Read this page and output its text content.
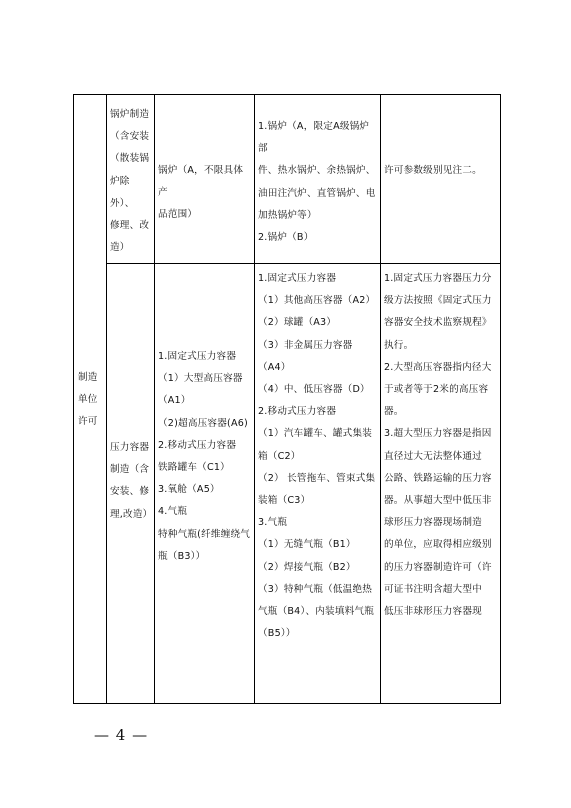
锅炉制造
（含安装
（散装锅
炉除外）、
修理、改
造）
锅炉（A，不限具体产
品范围）
1.锅炉（A，限定A级锅炉部
件、热水锅炉、余热锅炉、
油田注汽炉、直管锅炉、电
加热锅炉等）
2.锅炉（B）
许可参数级别见注二。
制造
单位
许可
压力容器
制造（含
安装、修
理,改造）
1.固定式压力容器
（1）大型高压容器
（A1）
（2)超高压容器(A6)
2.移动式压力容器
铁路罐车（C1）
3.氧舱（A5）
4.气瓶
特种气瓶(纤维缠绕气
瓶（B3））
1.固定式压力容器
（1）其他高压容器（A2）
（2）球罐（A3）
（3）非金属压力容器（A4）
（4）中、低压容器（D）
2.移动式压力容器
（1）汽车罐车、罐式集装
箱（C2）
（2） 长管拖车、管束式集
装箱（C3）
3.气瓶
（1）无缝气瓶（B1）
（2）焊接气瓶（B2）
（3）特种气瓶（低温绝热
气瓶（B4）、内装填料气瓶
（B5））
1.固定式压力容器压力分
级方法按照《固定式压力
容器安全技术监察规程》
执行。
2.大型高压容器指内径大
于或者等于2米的高压容
器。
3.超大型压力容器是指因
直径过大无法整体通过
公路、铁路运输的压力容
器。从事超大型中低压非
球形压力容器现场制造
的单位，应取得相应级别
的压力容器制造许可（许
可证书注明含超大型中
低压非球形压力容器现
— 4 —
